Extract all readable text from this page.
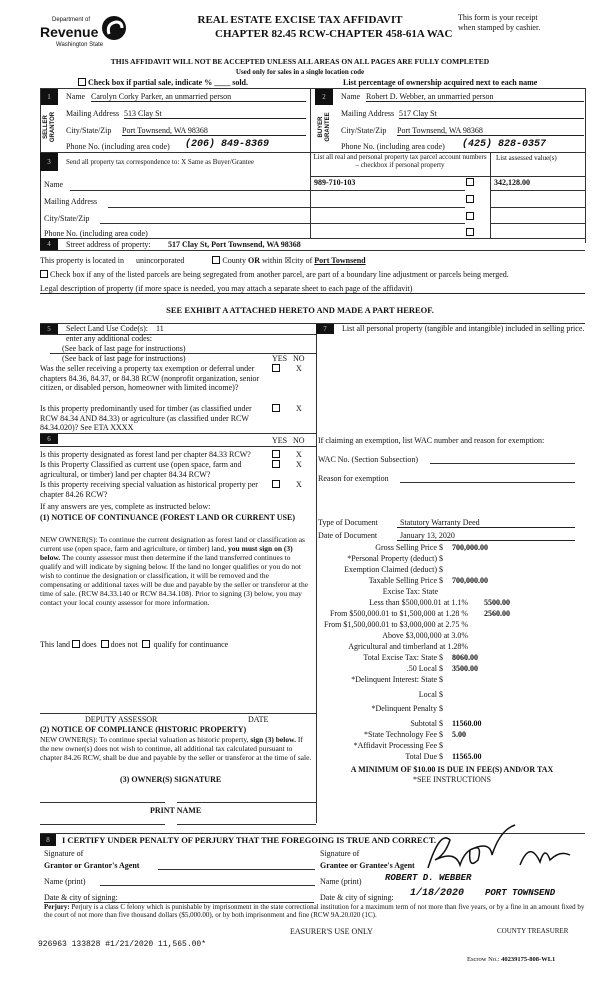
Department of
Revenue
Washington State
REAL ESTATE EXCISE TAX AFFIDAVIT
CHAPTER 82.45 RCW-CHAPTER 458-61A WAC
This form is your receipt
when stamped by cashier.
THIS AFFIDAVIT WILL NOT BE ACCEPTED UNLESS ALL AREAS ON ALL PAGES ARE FULLY COMPLETED
Used only for sales in a single location code
Check box if partial sale, indicate % ____ sold.	List percentage of ownership acquired next to each name
1
SELLER GRANTOR
Name Carolyn Corky Parker, an unmarried person
Mailing Address 513 Clay St
City/State/Zip Port Townsend, WA 98368
Phone No. (including area code) (206) 849-8369
2
BUYER GRANTEE
Name Robert D. Webber, an unmarried person
Mailing Address 517 Clay St
City/State/Zip Port Townsend, WA 98368
Phone No. (including area code) (425) 828-0357
3	Send all property tax correspondence to: X Same as Buyer/Grantee
List all real and personal property tax parcel account numbers – checkbox if personal property
List assessed value(s)
Name
Mailing Address
City/State/Zip
Phone No. (including area code)
989-710-103	342,128.00
4	Street address of property: 517 Clay St, Port Townsend, WA 98368
This property is located in unincorporated	County OR within ☒city of Port Townsend
Check box if any of the listed parcels are being segregated from another parcel, are part of a boundary line adjustment or parcels being merged.
Legal description of property (if more space is needed, you may attach a separate sheet to each page of the affidavit)
SEE EXHIBIT A ATTACHED HERETO AND MADE A PART HEREOF.
5	Select Land Use Code(s): 11
enter any additional codes:
(See back of last page for instructions)
(See back of last page for instructions)	YES NO
Was the seller receiving a property tax exemption or deferral under chapters 84.36, 84.37, or 84.38 RCW (nonprofit organization, senior citizen, or disabled person, homeowner with limited income)?
X
Is this property predominantly used for timber (as classified under RCW 84.34 AND 84.33) or agriculture (as classified under RCW 84.34.020)? See ETA XXXX
X
6	YES NO
Is this property designated as forest land per chapter 84.33 RCW?	X
Is this Property Classified as current use (open space, farm and agricultural, or timber) land per chapter 84.34 RCW?
X
Is this property receiving special valuation as historical property per chapter 84.26 RCW?
X
If any answers are yes, complete as instructed below:
(1) NOTICE OF CONTINUANCE (FOREST LAND OR CURRENT USE)
NEW OWNER(S): To continue the current designation as forest land or classification as current use (open space, farm and agriculture, or timber) land, you must sign on (3) below. The county assessor must then determine if the land transferred continues to qualify and will indicate by signing below. If the land no longer qualifies or you do not wish to continue the designation or classification, it will be removed and the compensating or additional taxes will be due and payable by the seller or transferor at the time of sale. (RCW 84.33.140 or RCW 84.34.108). Prior to signing (3) below, you may contact your local county assessor for more information.
This land does does not qualify for continuance
DEPUTY ASSESSOR	DATE
(2) NOTICE OF COMPLIANCE (HISTORIC PROPERTY)
NEW OWNER(S): To continue special valuation as historic property, sign (3) below. If the new owner(s) does not wish to continue, all additional tax calculated pursuant to chapter 84.26 RCW, shall be due and payable by the seller or transferor at the time of sale.
(3) OWNER(S) SIGNATURE
PRINT NAME
7	List all personal property (tangible and intangible) included in selling price.
If claiming an exemption, list WAC number and reason for exemption:
WAC No. (Section Subsection)
Reason for exemption
Type of Document	Statutory Warranty Deed
Date of Document	January 13, 2020
Gross Selling Price $ 700,000.00
*Personal Property (deduct) $
Exemption Claimed (deduct) $
Taxable Selling Price $ 700,000.00
Excise Tax: State
Less than $500,000.01 at 1.1% 5500.00
From $500,000.01 to $1,500,000 at 1.28 % 2560.00
From $1,500,000.01 to $3,000,000 at 2.75 %
Above $3,000,000 at 3.0%
Agricultural and timberland at 1.28%
Total Excise Tax: State $ 8060.00
.50 Local $ 3500.00
*Delinquent Interest: State $
Local $
*Delinquent Penalty $
Subtotal $ 11560.00
*State Technology Fee $ 5.00
*Affidavit Processing Fee $
Total Due $ 11565.00
A MINIMUM OF $10.00 IS DUE IN FEE(S) AND/OR TAX
*SEE INSTRUCTIONS
8	I CERTIFY UNDER PENALTY OF PERJURY THAT THE FOREGOING IS TRUE AND CORRECT.
Signature of
Grantor or Grantor's Agent
Name (print)
Date & city of signing:
Signature of
Grantee or Grantee's Agent
Name (print)	ROBERT D. WEBBER
Date & city of signing: 1/18/2020 PORT TOWNSEND
Perjury: Perjury is a class C felony which is punishable by imprisonment in the state correctional institution for a maximum term of not more than five years, or by a fine in an amount fixed by the court of not more than five thousand dollars ($5,000.00), or by both imprisonment and fine (RCW 9A.20.020 (1C).
EASURER'S USE ONLY	COUNTY TREASURER
926963 133828 #1/21/2020 11,565.00*
Escrow No.: 40239175-808-WL1
